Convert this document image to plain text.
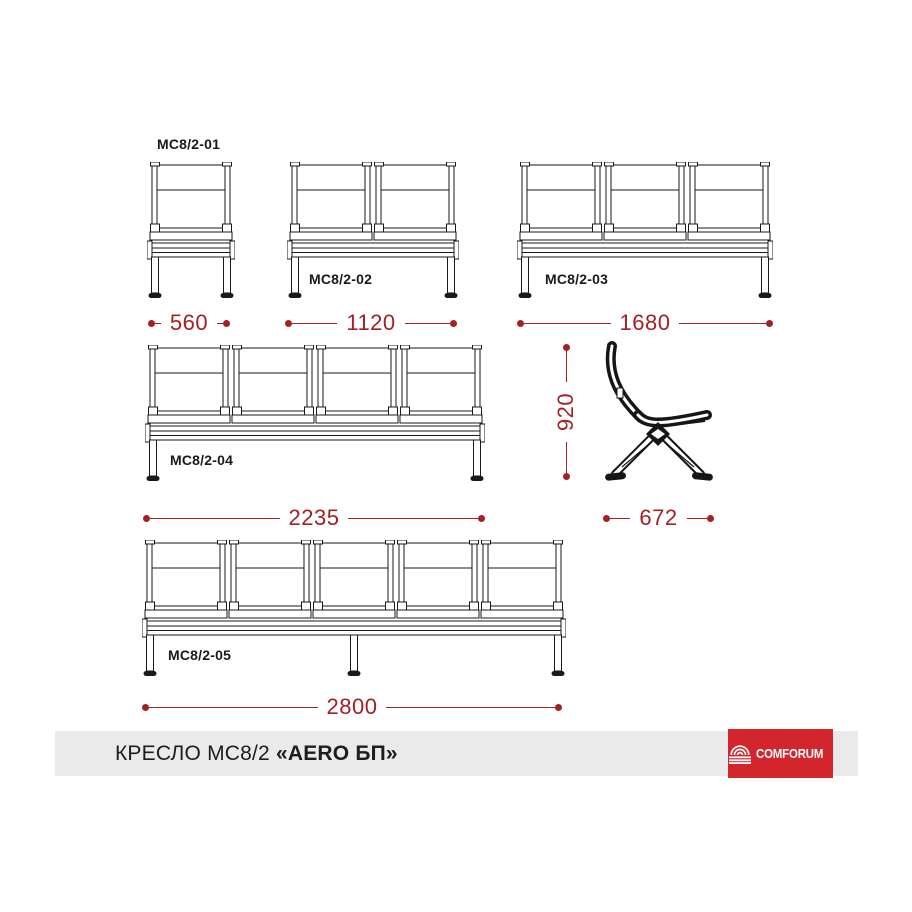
МС8/2-01
560
МС8/2-02
1120
МС8/2-03
1680
МС8/2-04
2235
920
672
МС8/2-05
2800
КРЕСЛО МС8/2 «AERO БП»	COMFORUM
